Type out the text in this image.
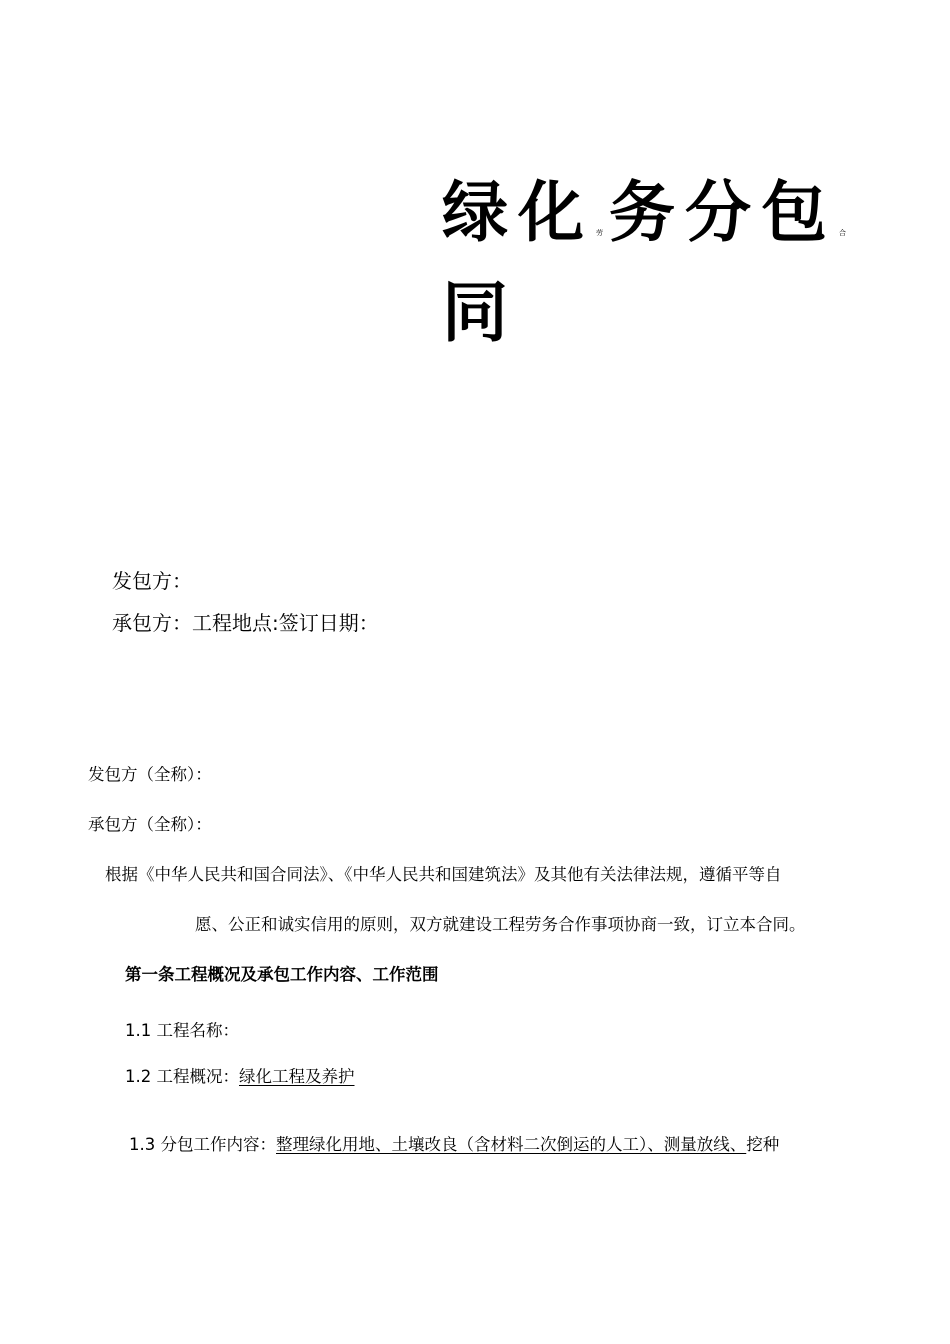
绿化 劳务分包 合
同
发包方：
承包方：工程地点:签订日期：
发包方（全称）：
承包方（全称）：
根据《中华人民共和国合同法》、《中华人民共和国建筑法》及其他有关法律法规，遵循平等自
愿、公正和诚实信用的原则，双方就建设工程劳务合作事项协商一致，订立本合同。
第一条工程概况及承包工作内容、工作范围
1.1 工程名称：
1.2 工程概况：绿化工程及养护
1.3 分包工作内容：整理绿化用地、土壤改良（含材料二次倒运的人工）、测量放线、挖种
